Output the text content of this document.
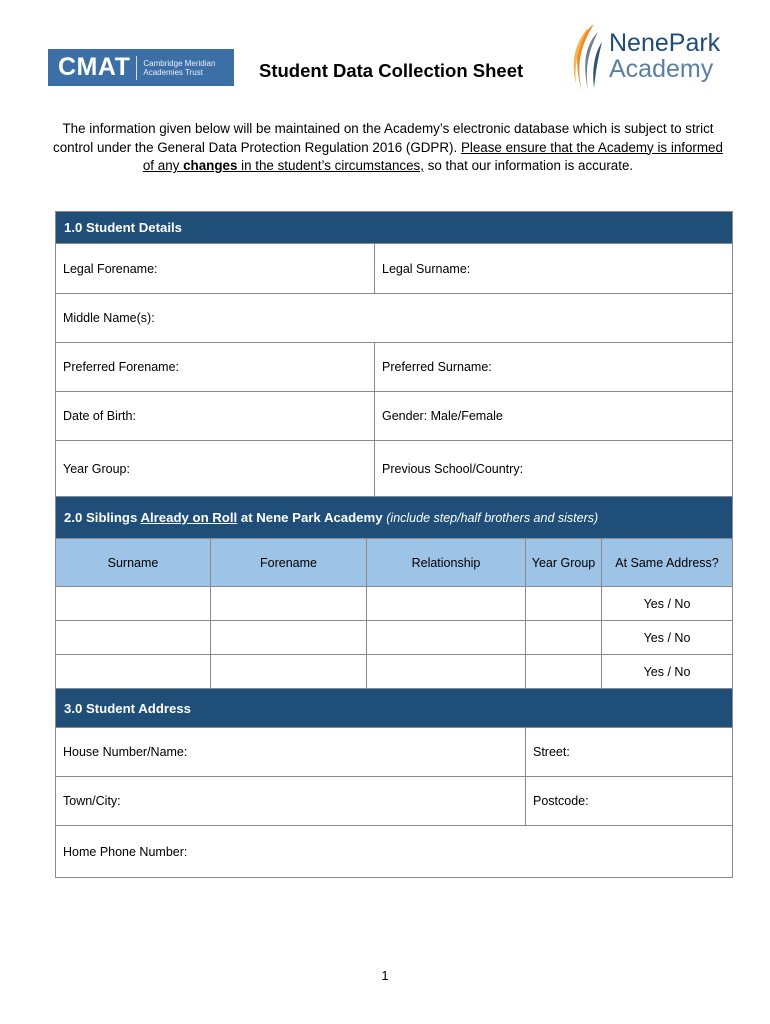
CMAT Cambridge Meridian
Academies Trust	Student Data Collection Sheet
NenePark
Academy
The information given below will be maintained on the Academy’s electronic database which is subject to strict control under the General Data Protection Regulation 2016 (GDPR). Please ensure that the Academy is informed of any changes in the student’s circumstances, so that our information is accurate.
1.0 Student Details					
Legal Forename:			Legal Surname:		
Middle Name(s):					
Preferred Forename:			Preferred Surname:		
Date of Birth:			Gender: Male/Female		
Year Group:			Previous School/Country:		
2.0 Siblings Already on Roll at Nene Park Academy (include step/half brothers and sisters)					
Surname	Forename	Relationship		Year Group	At Same Address?
					Yes / No
					Yes / No
					Yes / No
3.0 Student Address					
House Number/Name:				Street:	
Town/City:				Postcode:	
Home Phone Number:					
1
